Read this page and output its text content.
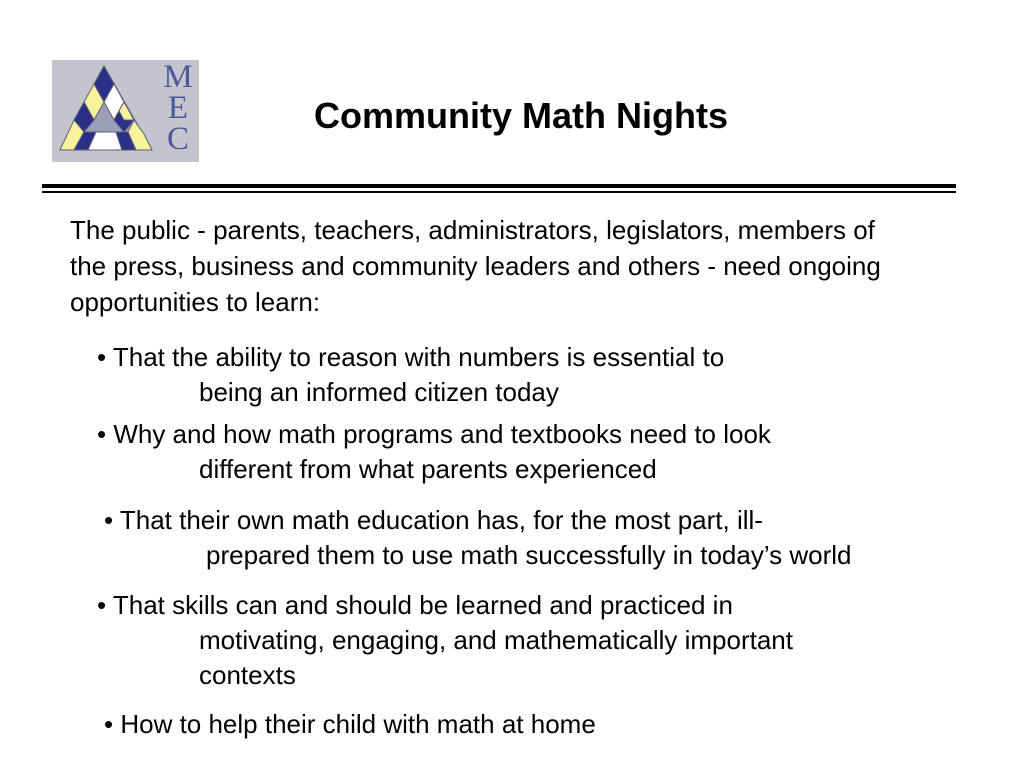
M
E
C
Community Math Nights
The public - parents, teachers, administrators, legislators, members of
the press, business and community leaders and others - need ongoing
opportunities to learn:
• That the ability to reason with numbers is essential to
being an informed citizen today
• Why and how math programs and textbooks need to look
different from what parents experienced
• That their own math education has, for the most part, ill-
prepared them to use math successfully in today’s world
• That skills can and should be learned and practiced in
motivating, engaging, and mathematically important
contexts
• How to help their child with math at home
